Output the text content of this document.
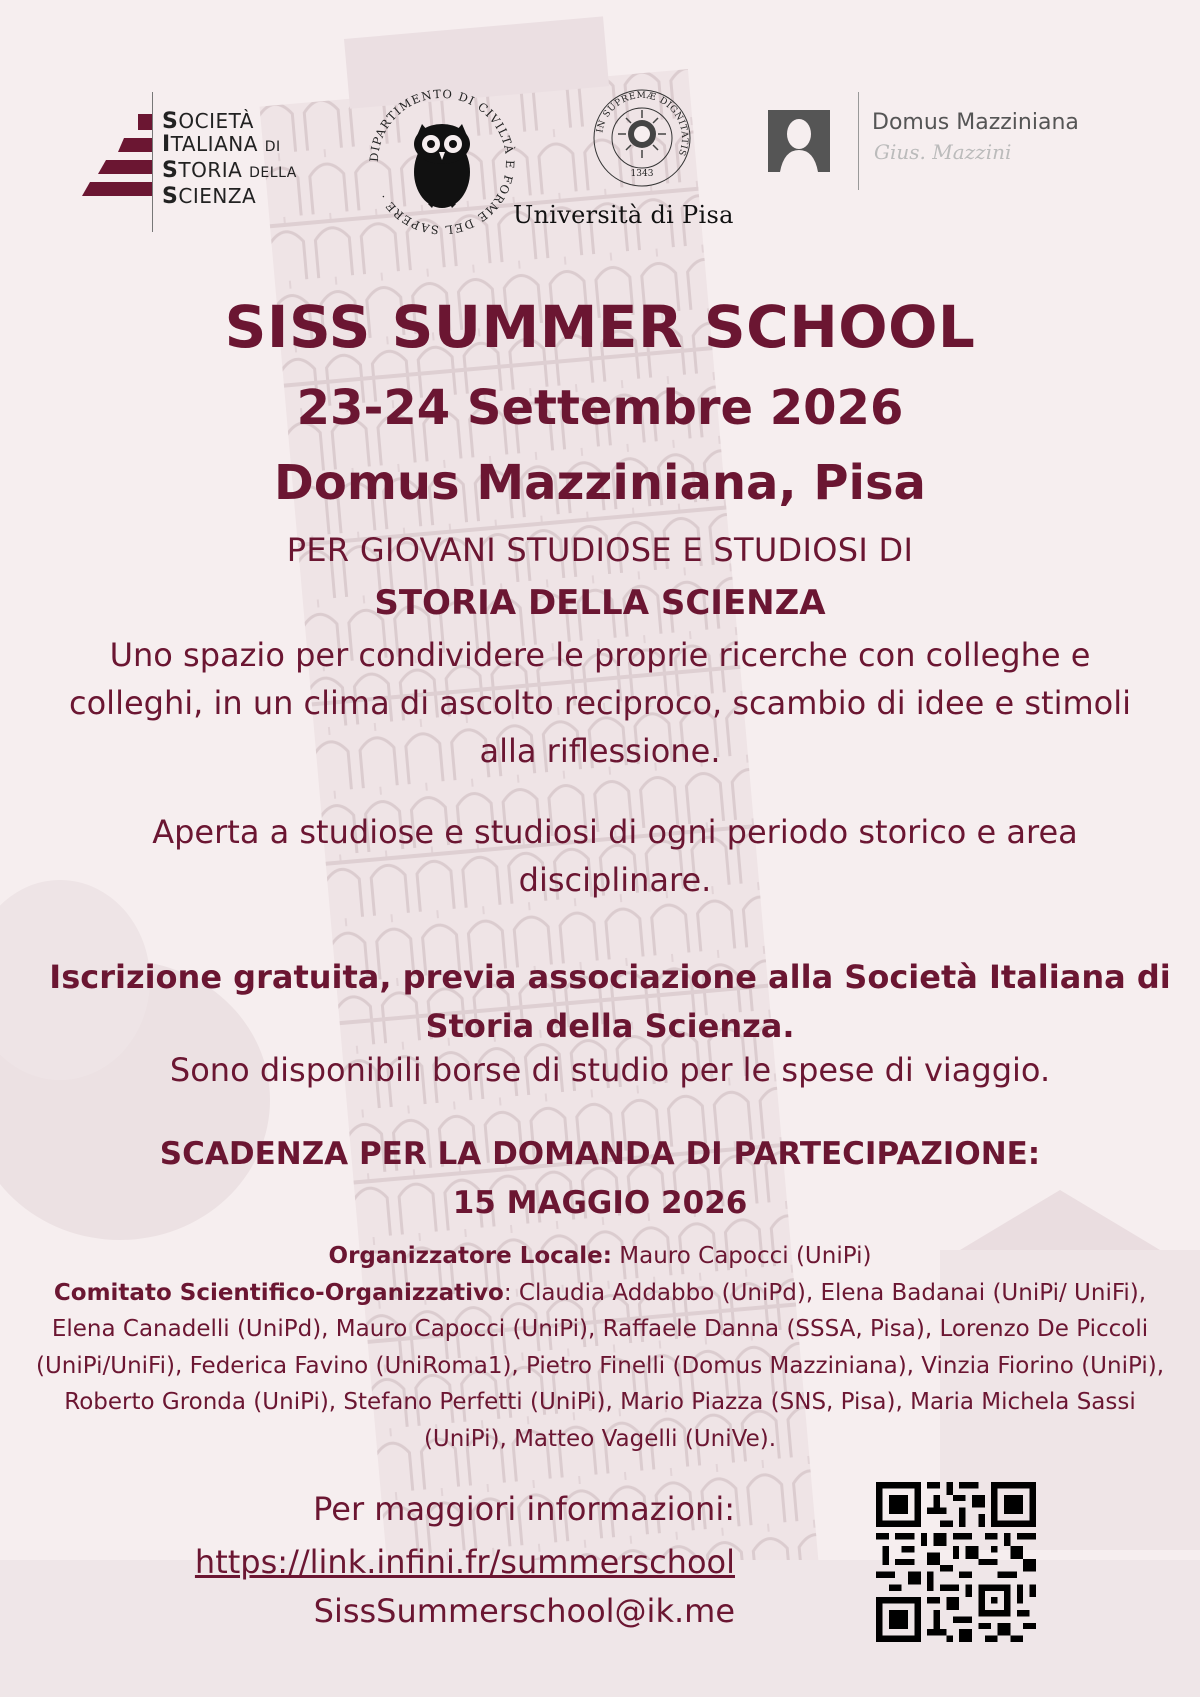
SOCIETÀ
ITALIANA DI
STORIA DELLA
SCIENZA
DIPARTIMENTO DI CIVILTÀ E FORME DEL SAPERE ·
IN SUPREMÆ DIGNITATIS
1343
Università di Pisa
Domus Mazziniana
Gius. Mazzini
SISS SUMMER SCHOOL
23-24 Settembre 2026
Domus Mazziniana, Pisa
PER GIOVANI STUDIOSE E STUDIOSI DI
STORIA DELLA SCIENZA
Uno spazio per condividere le proprie ricerche con colleghe e colleghi, in un clima di ascolto reciproco, scambio di idee e stimoli alla riflessione.
Aperta a studiose e studiosi di ogni periodo storico e area disciplinare.
Iscrizione gratuita, previa associazione alla Società Italiana di Storia della Scienza.
Sono disponibili borse di studio per le spese di viaggio.
SCADENZA PER LA DOMANDA DI PARTECIPAZIONE:
15 MAGGIO 2026
Organizzatore Locale: Mauro Capocci (UniPi)
Comitato Scientifico-Organizzativo: Claudia Addabbo (UniPd), Elena Badanai (UniPi/ UniFi), Elena Canadelli (UniPd), Mauro Capocci (UniPi), Raffaele Danna (SSSA, Pisa), Lorenzo De Piccoli (UniPi/UniFi), Federica Favino (UniRoma1), Pietro Finelli (Domus Mazziniana), Vinzia Fiorino (UniPi), Roberto Gronda (UniPi), Stefano Perfetti (UniPi), Mario Piazza (SNS, Pisa), Maria Michela Sassi (UniPi), Matteo Vagelli (UniVe).
Per maggiori informazioni:
https://link.infini.fr/summerschool
SissSummerschool@ik.me
